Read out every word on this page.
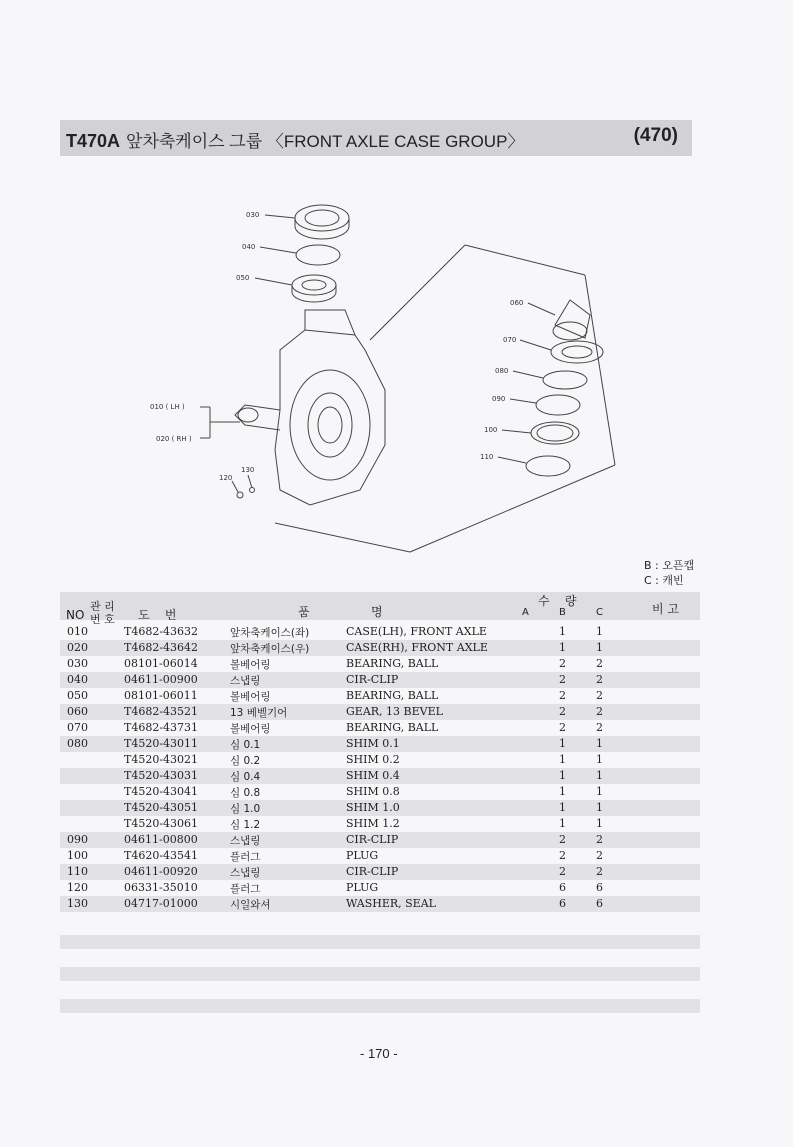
T470A 앞차축케이스 그룹 〈FRONT AXLE CASE GROUP〉	(470)
030
040
050
060
070
080
090
100
110
010 ( LH )
020 ( RH )
130
120
B : 오픈캡
C : 캐빈
NO
관 리
번 호 도    번	품	명
수    량
A	B	C	비 고
010	T4682-43632	앞차축케이스(좌)	CASE(LH), FRONT AXLE	1	1
020	T4682-43642	앞차축케이스(우)	CASE(RH), FRONT AXLE	1	1
030	08101-06014	볼베어링	BEARING, BALL	2	2
040	04611-00900	스냅링	CIR-CLIP	2	2
050	08101-06011	볼베어링	BEARING, BALL	2	2
060	T4682-43521	13 베벨기어	GEAR, 13 BEVEL	2	2
070	T4682-43731	볼베어링	BEARING, BALL	2	2
080	T4520-43011	심 0.1	SHIM 0.1	1	1
T4520-43021	심 0.2	SHIM 0.2	1	1
T4520-43031	심 0.4	SHIM 0.4	1	1
T4520-43041	심 0.8	SHIM 0.8	1	1
T4520-43051	심 1.0	SHIM 1.0	1	1
T4520-43061	심 1.2	SHIM 1.2	1	1
090	04611-00800	스냅링	CIR-CLIP	2	2
100	T4620-43541	플러그	PLUG	2	2
110	04611-00920	스냅링	CIR-CLIP	2	2
120	06331-35010	플러그	PLUG	6	6
130	04717-01000	시일와셔	WASHER, SEAL	6	6
- 170 -
